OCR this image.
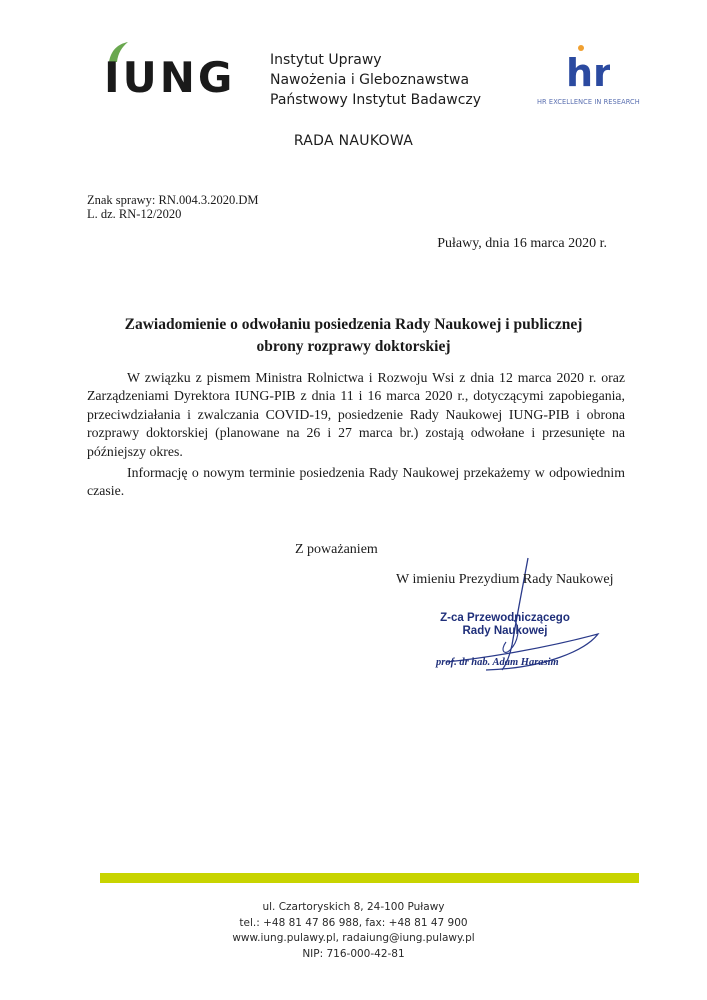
IUNG Instytut Uprawy
Nawożenia i Gleboznawstwa
Państwowy Instytut Badawczy
hr
HR EXCELLENCE IN RESEARCH
RADA NAUKOWA
Znak sprawy: RN.004.3.2020.DM
L. dz. RN-12/2020
Puławy, dnia 16 marca 2020 r.
Zawiadomienie o odwołaniu posiedzenia Rady Naukowej i publicznej
obrony rozprawy doktorskiej

W związku z pismem Ministra Rolnictwa i Rozwoju Wsi z dnia 12 marca 2020 r. oraz Zarządzeniami Dyrektora IUNG-PIB z dnia 11 i 16 marca 2020 r., dotyczącymi zapobiegania, przeciwdziałania i zwalczania COVID-19, posiedzenie Rady Naukowej IUNG-PIB i obrona rozprawy doktorskiej (planowane na 26 i 27 marca br.) zostają odwołane i przesunięte na późniejszy okres.

Informację o nowym terminie posiedzenia Rady Naukowej przekażemy w odpowiednim czasie.

Z poważaniem
W imieniu Prezydium Rady Naukowej
Z-ca Przewodniczącego
Rady Naukowej
prof. dr hab. Adam Harasim
ul. Czartoryskich 8, 24-100 Puławy
tel.: +48 81 47 86 988, fax: +48 81 47 900
www.iung.pulawy.pl, radaiung@iung.pulawy.pl
NIP: 716-000-42-81
